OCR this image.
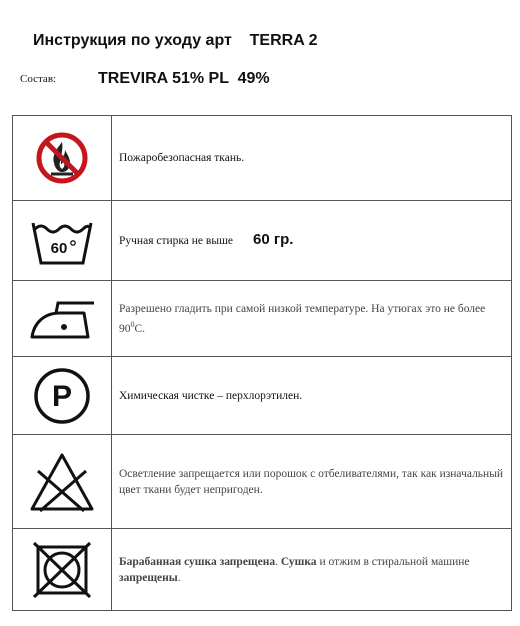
Инструкция по уходу арт    TERRA 2
Состав:	TREVIRA 51% PL  49%
	Пожаробезопасная ткань.

60	Ручная стирка не выше 60 гр.

	Разрешено гладить при самой низкой температуре. На утюгах это не более $90^0С$.

P	Химическая чистке – перхлорэтилен.

	Осветление запрещается или порошок с отбеливателями, так как изначальный цвет ткани будет непригоден.

	Барабанная сушка запрещена. Сушка и отжим в стиральной машине запрещены.
